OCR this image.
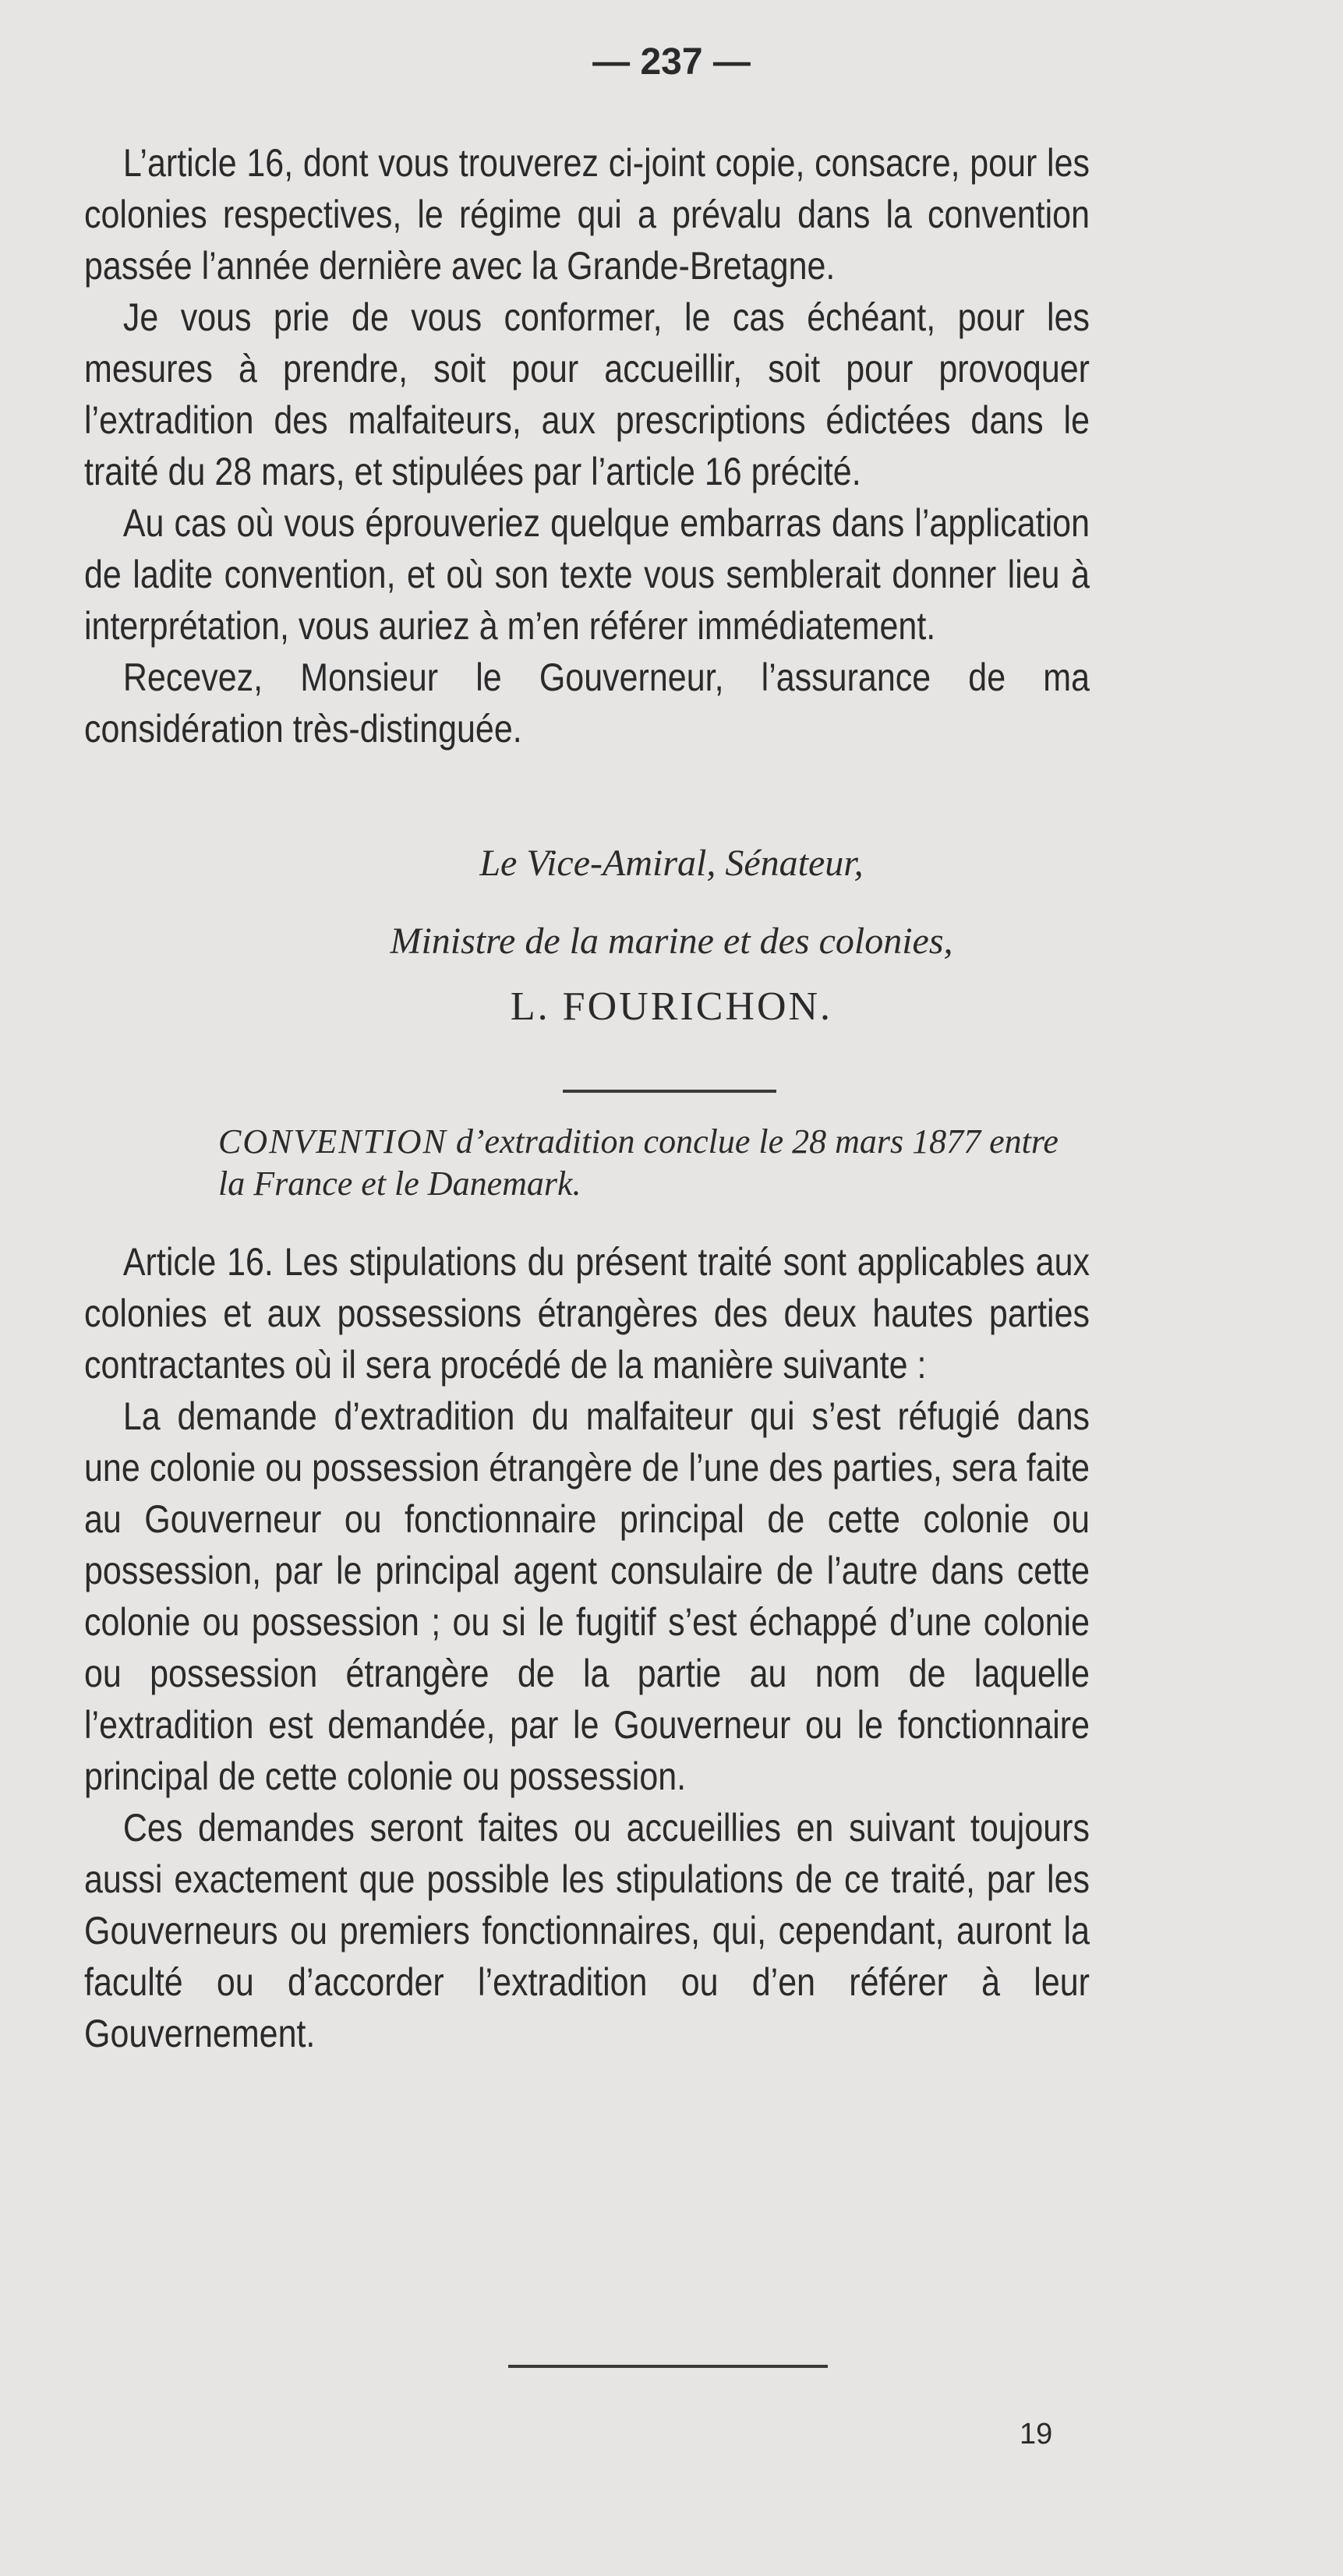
— 237 —

L’article 16, dont vous trouverez ci-joint copie, consacre, pour les colonies respectives, le régime qui a prévalu dans la convention passée l’année dernière avec la Grande-Bretagne.

Je vous prie de vous conformer, le cas échéant, pour les mesures à prendre, soit pour accueillir, soit pour provoquer l’extradition des malfaiteurs, aux prescriptions édictées dans le traité du 28 mars, et stipulées par l’article 16 précité.

Au cas où vous éprouveriez quelque embarras dans l’application de ladite convention, et où son texte vous semblerait donner lieu à interprétation, vous auriez à m’en référer immédiatement.

Recevez, Monsieur le Gouverneur, l’assurance de ma considération très-distinguée.

Le Vice-Amiral, Sénateur,
Ministre de la marine et des colonies,
L. FOURICHON.
CONVENTION d’extradition conclue le 28 mars 1877 entre
la France et le Danemark.

Article 16. Les stipulations du présent traité sont applicables aux colonies et aux possessions étrangères des deux hautes parties contractantes où il sera procédé de la manière suivante :

La demande d’extradition du malfaiteur qui s’est réfugié dans une colonie ou possession étrangère de l’une des parties, sera faite au Gouverneur ou fonctionnaire principal de cette colonie ou possession, par le principal agent consulaire de l’autre dans cette colonie ou possession ; ou si le fugitif s’est échappé d’une colonie ou possession étrangère de la partie au nom de laquelle l’extradition est demandée, par le Gouverneur ou le fonctionnaire principal de cette colonie ou possession.

Ces demandes seront faites ou accueillies en suivant toujours aussi exactement que possible les stipulations de ce traité, par les Gouverneurs ou premiers fonctionnaires, qui, cependant, auront la faculté ou d’accorder l’extradition ou d’en référer à leur Gouvernement.

19
